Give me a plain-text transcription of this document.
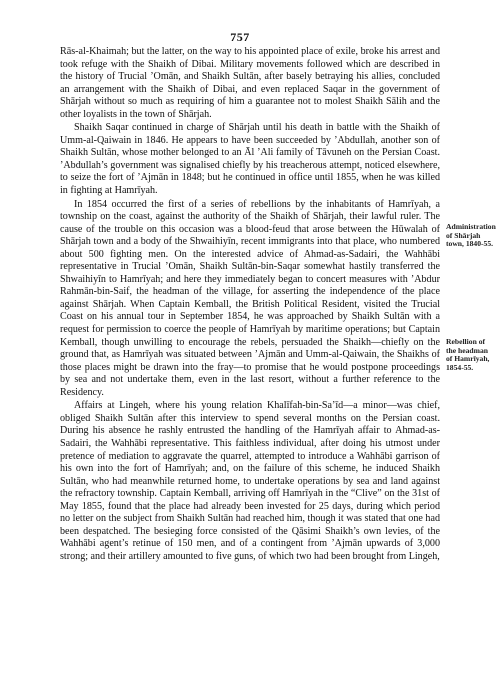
757

Rās-al-Khaimah; but the latter, on the way to his appointed place of exile, broke his arrest and took refuge with the Shaikh of Dibai. Military movements followed which are described in the history of Trucial ’Omān, and Shaikh Sultān, after basely betraying his allies, concluded an arrangement with the Shaikh of Dibai, and even replaced Saqar in the government of Shārjah without so much as requiring of him a guarantee not to molest Shaikh Sālih and the other loyalists in the town of Shārjah.

Shaikh Saqar continued in charge of Shārjah until his death in battle with the Shaikh of Umm-al-Qaiwain in 1846. He appears to have been succeeded by ’Abdullah, another son of Shaikh Sultān, whose mother belonged to an Āl ’Ali family of Tāvuneh on the Persian Coast. ’Abdullah’s government was signalised chiefly by his treacherous attempt, noticed elsewhere, to seize the fort of ’Ajmān in 1848; but he continued in office until 1855, when he was killed in fighting at Hamrīyah.

In 1854 occurred the first of a series of rebellions by the inhabitants of Hamrīyah, a township on the coast, against the authority of the Shaikh of Shārjah, their lawful ruler. The cause of the trouble on this occasion was a blood-feud that arose between the Hūwalah of Shārjah town and a body of the Shwaihiyīn, recent immigrants into that place, who numbered about 500 fighting men. On the interested advice of Ahmad-as-Sadairi, the Wahhābi representative in Trucial ’Omān, Shaikh Sultān-bin-Saqar somewhat hastily transferred the Shwaihiyīn to Hamrīyah; and here they immediately began to concert measures with ’Abdur Rahmān-bin-Saif, the headman of the village, for asserting the independence of the place against Shārjah. When Captain Kemball, the British Political Resident, visited the Trucial Coast on his annual tour in September 1854, he was approached by Shaikh Sultān with a request for permission to coerce the people of Hamrīyah by maritime operations; but Captain Kemball, though unwilling to encourage the rebels, persuaded the Shaikh—chiefly on the ground that, as Hamrīyah was situated between ’Ajmān and Umm-al-Qaiwain, the Shaikhs of those places might be drawn into the fray—to promise that he would postpone proceedings by sea and not undertake them, even in the last resort, without a further reference to the Residency.

Affairs at Lingeh, where his young relation Khalīfah-bin-Sa’īd—a minor—was chief, obliged Shaikh Sultān after this interview to spend several months on the Persian coast. During his absence he rashly entrusted the handling of the Hamrīyah affair to Ahmad-as-Sadairi, the Wahhābi representative. This faithless individual, after doing his utmost under pretence of mediation to aggravate the quarrel, attempted to introduce a Wahhābi garrison of his own into the fort of Hamrīyah; and, on the failure of this scheme, he induced Shaikh Sultān, who had meanwhile returned home, to undertake operations by sea and land against the refractory township. Captain Kemball, arriving off Hamrīyah in the “Clive” on the 31st of May 1855, found that the place had already been invested for 25 days, during which period no letter on the subject from Shaikh Sultān had reached him, though it was stated that one had been despatched. The besieging force consisted of the Qāsimi Shaikh’s own levies, of the Wahhābi agent’s retinue of 150 men, and of a contingent from ’Ajmān upwards of 3,000 strong; and their artillery amounted to five guns, of which two had been brought from Lingeh,

Administration of Shārjah town, 1840-55.
Rebellion of the headman of Hamrīyah, 1854-55.
